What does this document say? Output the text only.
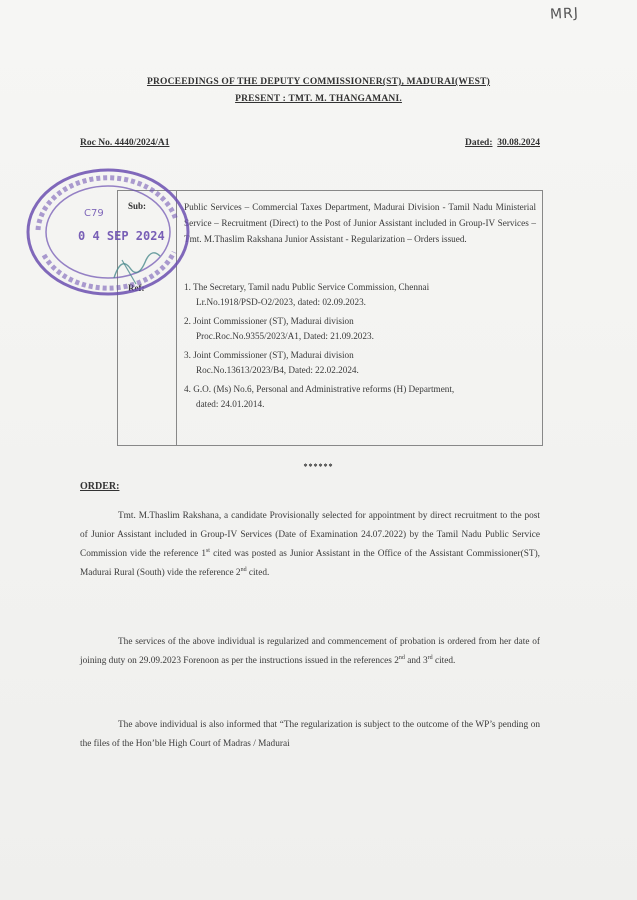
MRJ
PROCEEDINGS OF THE DEPUTY COMMISSIONER(ST), MADURAI(WEST)
PRESENT : TMT. M. THANGAMANI.
Roc No. 4440/2024/A1	Dated: 30.08.2024
Sub:	Public Services – Commercial Taxes Department, Madurai Division - Tamil Nadu Ministerial Service – Recruitment (Direct) to the Post of Junior Assistant included in Group-IV Services – Tmt. M.Thaslim Rakshana Junior Assistant - Regularization – Orders issued.
Ref:	1. The Secretary, Tamil nadu Public Service Commission, Chennai
Lr.No.1918/PSD-O2/2023, dated: 02.09.2023.
2. Joint Commissioner (ST), Madurai division
Proc.Roc.No.9355/2023/A1, Dated: 21.09.2023.
3. Joint Commissioner (ST), Madurai division
Roc.No.13613/2023/B4, Dated: 22.02.2024.
4. G.O. (Ms) No.6, Personal and Administrative reforms (H) Department,
dated: 24.01.2014.
C79
0 4 SEP 2024
******
ORDER:
Tmt. M.Thaslim Rakshana, a candidate Provisionally selected for appointment by direct recruitment to the post of Junior Assistant included in Group-IV Services (Date of Examination 24.07.2022) by the Tamil Nadu Public Service Commission vide the reference 1st cited was posted as Junior Assistant in the Office of the Assistant Commissioner(ST), Madurai Rural (South) vide the reference 2nd cited.
The services of the above individual is regularized and commencement of probation is ordered from her date of joining duty on 29.09.2023 Forenoon as per the instructions issued in the references 2nd and 3rd cited.
The above individual is also informed that “The regularization is subject to the outcome of the WP’s pending on the files of the Hon’ble High Court of Madras / Madurai
